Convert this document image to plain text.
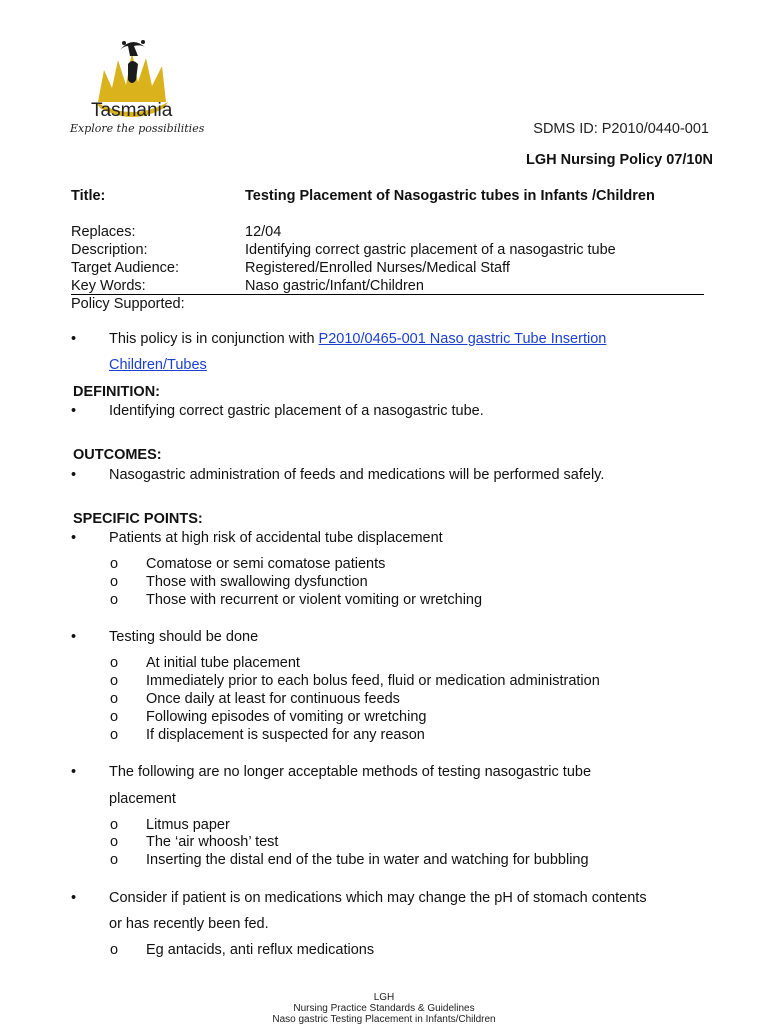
Tasmania
Explore the possibilities	SDMS ID: P2010/0440-001
LGH Nursing Policy 07/10N
Title:	Testing Placement of Nasogastric tubes in Infants /Children
Replaces:	12/04
Description:	Identifying correct gastric placement of a nasogastric tube
Target Audience:	Registered/Enrolled Nurses/Medical Staff
Key Words:	Naso gastric/Infant/Children
Policy Supported:
• This policy is in conjunction with P2010/0465-001 Naso gastric Tube Insertion
Children/Tubes
DEFINITION:
• Identifying correct gastric placement of a nasogastric tube.
OUTCOMES:
• Nasogastric administration of feeds and medications will be performed safely.
SPECIFIC POINTS:
• Patients at high risk of accidental tube displacement
o Comatose or semi comatose patients
o Those with swallowing dysfunction
o Those with recurrent or violent vomiting or wretching
• Testing should be done
o At initial tube placement
o Immediately prior to each bolus feed, fluid or medication administration
o Once daily at least for continuous feeds
o Following episodes of vomiting or wretching
o If displacement is suspected for any reason
• The following are no longer acceptable methods of testing nasogastric tube
placement
o Litmus paper
o The ‘air whoosh’ test
o Inserting the distal end of the tube in water and watching for bubbling
• Consider if patient is on medications which may change the pH of stomach contents
or has recently been fed.
o Eg antacids, anti reflux medications
LGH
Nursing Practice Standards & Guidelines
Naso gastric Testing Placement in Infants/Children
